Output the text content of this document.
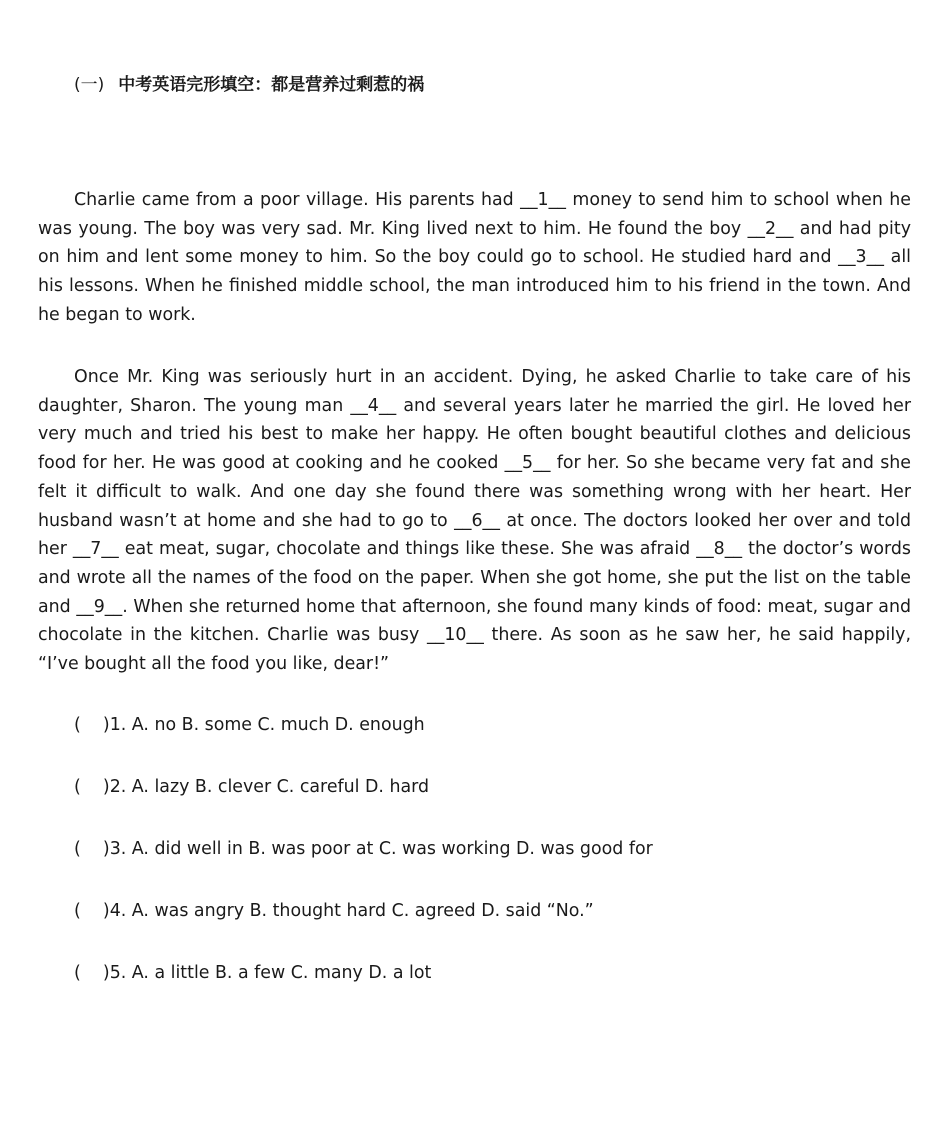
(一) 中考英语完形填空：都是营养过剩惹的祸

Charlie came from a poor village. His parents had __1__ money to send him to school when he was young. The boy was very sad. Mr. King lived next to him. He found the boy __2__ and had pity on him and lent some money to him. So the boy could go to school. He studied hard and __3__ all his lessons. When he finished middle school, the man introduced him to his friend in the town. And he began to work.

Once Mr. King was seriously hurt in an accident. Dying, he asked Charlie to take care of his daughter, Sharon. The young man __4__ and several years later he married the girl. He loved her very much and tried his best to make her happy. He often bought beautiful clothes and delicious food for her. He was good at cooking and he cooked __5__ for her. So she became very fat and she felt it difficult to walk. And one day she found there was something wrong with her heart. Her husband wasn’t at home and she had to go to __6__ at once. The doctors looked her over and told her __7__ eat meat, sugar, chocolate and things like these. She was afraid __8__ the doctor’s words and wrote all the names of the food on the paper. When she got home, she put the list on the table and __9__. When she returned home that afternoon, she found many kinds of food: meat, sugar and chocolate in the kitchen. Charlie was busy __10__ there. As soon as he saw her, he said happily, “I’ve bought all the food you like, dear!”

(    )1. A. no B. some C. much D. enough
(    )2. A. lazy B. clever C. careful D. hard
(    )3. A. did well in B. was poor at C. was working D. was good for
(    )4. A. was angry B. thought hard C. agreed D. said “No.”
(    )5. A. a little B. a few C. many D. a lot
